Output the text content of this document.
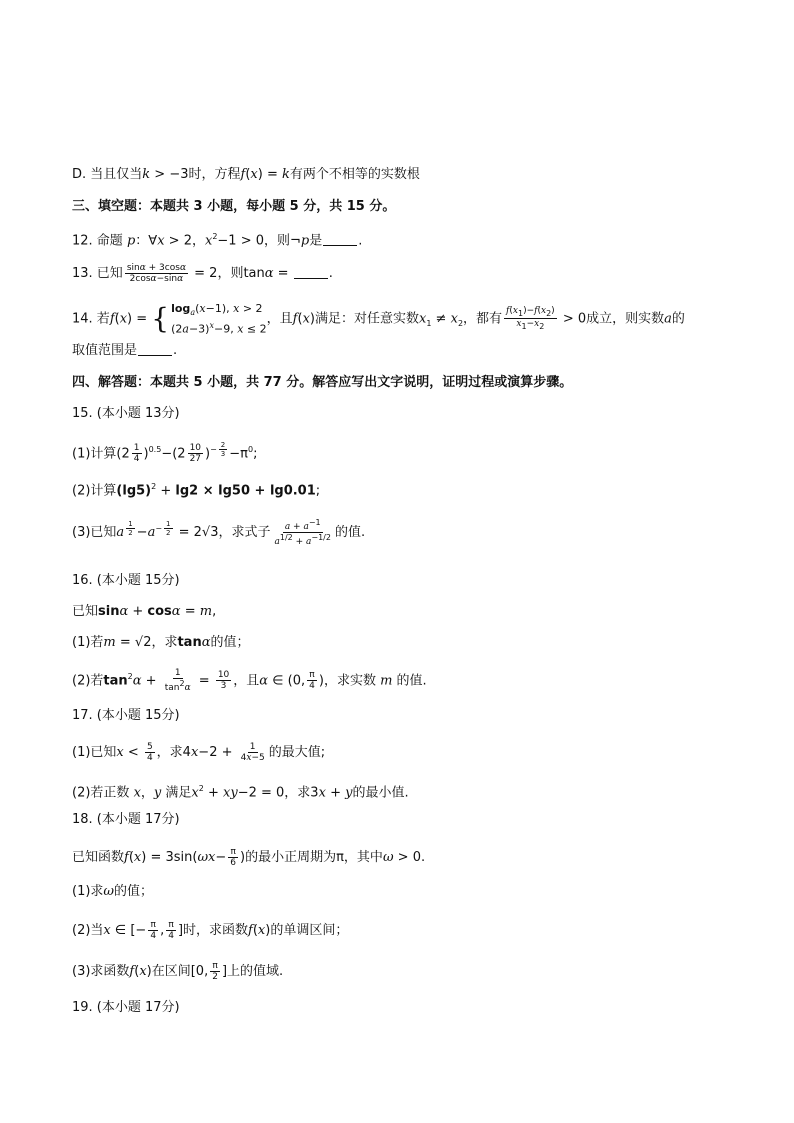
D. 当且仅当k > −3时，方程f(x) = k有两个不相等的实数根
三、填空题：本题共 3 小题，每小题 5 分，共 15 分。
12. 命题 p：∀x > 2，$x^2-1 > 0$，则¬p是	.
13. 已知 $\frac{\sin\alpha + 3\cos\alpha}{2\cos\alpha-\sin\alpha} = 2$，则tanα =	.
14. 若f(x) = { $\log_a(x-1)$, x > 2
$(2a-3)^x-9$, x ≤ 2
，且f(x)满足：对任意实数$x_1 \ne x_2$，都有 $\frac{f(x_1)-f(x_2)}{x_1-x_2} > 0$成立，则实数a的
取值范围是	.
四、解答题：本题共 5 小题，共 77 分。解答应写出文字说明，证明过程或演算步骤。
15. (本小题 13分)
(1)计算$(2 \frac{1}{4} )^{0.5}-(2 \frac{10}{27} )^{- \frac{2}{3}} -\pi^0$;
(2)计算$(\lg 5)^2 + \lg 2 \times \lg 50 + \lg 0.01$;
(3)已知a $^{\frac{1}{2}} -a^{- \frac{1}{2}} = 2√3$，求式子 $\frac{a + a^{-1}}{a^{1/2} + a^{-1/2}}$ 的值.
16. (本小题 15分)
已知sinα + cosα = m,
(1)若m = √2，求tanα的值；
(2)若$\tan^2\alpha + \frac{1}{\tan^2\alpha} = \frac{10}{3}$ ，且α ∈ (0, $\frac{\pi}{4}$ )，求实数 m 的值.
17. (本小题 15分)
(1)已知$x < \frac{5}{4}$ ，求$4x-2 + \frac{1}{4x-5}$ 的最大值;
(2)若正数 x，y 满足$x^2 + xy-2 = 0$，求3x + y的最小值.
18. (本小题 17分)
已知函数$f(x) = 3\sin(\omega x- \frac{\pi}{6}$ )的最小正周期为π，其中ω > 0.
(1)求ω的值；
(2)当x ∈ [− $\frac{\pi}{4}$ , $\frac{\pi}{4}$ ]时，求函数f(x)的单调区间；
(3)求函数f(x)在区间[0, $\frac{\pi}{2}$ ]上的值域.
19. (本小题 17分)
